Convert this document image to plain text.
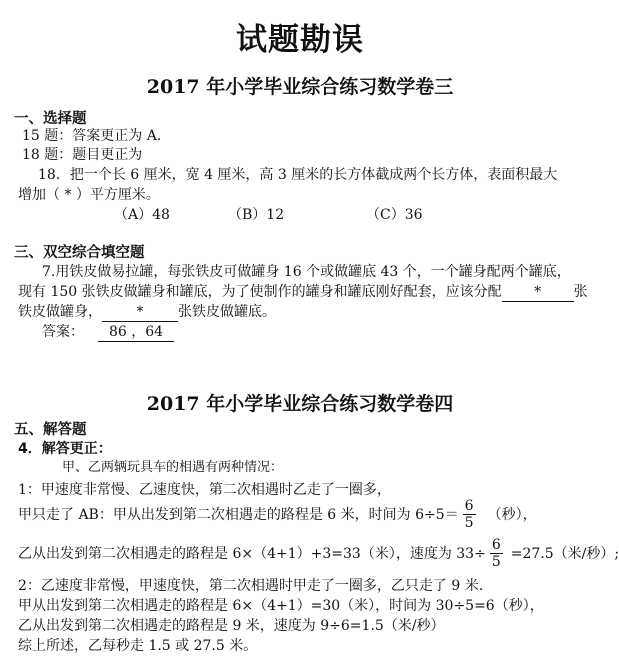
试题勘误
2017 年小学毕业综合练习数学卷三
一、选择题
15 题：答案更正为 A.
18 题：题目更正为
18．把一个长 6 厘米，宽 4 厘米，高 3 厘米的长方体截成两个长方体，表面积最大
增加（ * ）平方厘米。
（A）48	（B）12	（C）36
三、双空综合填空题
7.用铁皮做易拉罐，每张铁皮可做罐身 16 个或做罐底 43 个，一个罐身配两个罐底，
现有 150 张铁皮做罐身和罐底，为了使制作的罐身和罐底刚好配套，应该分配 * 张
铁皮做罐身， * 张铁皮做罐底。
答案： 86 ，64
2017 年小学毕业综合练习数学卷四
五、解答题
4．解答更正：
甲、乙两辆玩具车的相遇有两种情况：
1：甲速度非常慢、乙速度快，第二次相遇时乙走了一圈多，
甲只走了 AB：甲从出发到第二次相遇走的路程是 6 米，时间为 $6\div 5= \frac{6}{5}$ （秒），
乙从出发到第二次相遇走的路程是 6×（4+1）+3=33（米），速度为 $33\div \frac{6}{5} =27.5$（米/秒）;
2：乙速度非常慢，甲速度快，第二次相遇时甲走了一圈多，乙只走了 9 米.
甲从出发到第二次相遇走的路程是 6×（4+1）=30（米），时间为 30÷5=6（秒），
乙从出发到第二次相遇走的路程是 9 米，速度为 9÷6=1.5（米/秒）
综上所述，乙每秒走 1.5 或 27.5 米。
